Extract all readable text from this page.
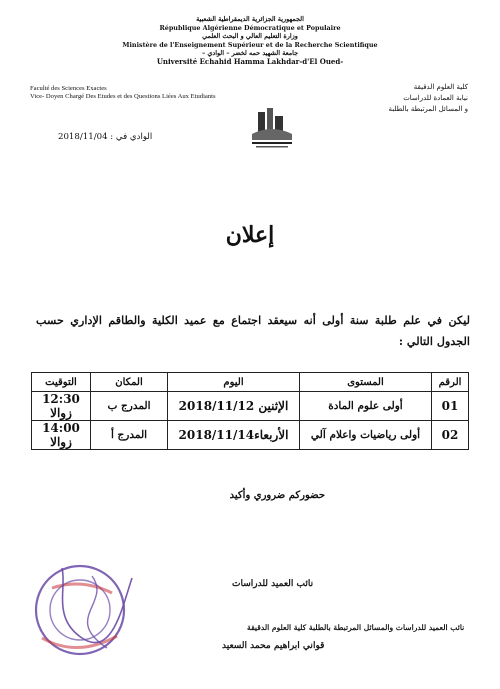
الجمهورية الجزائرية الديمقراطية الشعبية
République Algérienne Démocratique et Populaire
وزارة التعليم العالي و البحث العلمي
Ministère de l'Enseignement Supérieur et de la Recherche Scientifique
جامعة الشهيد حمه لخضر – الوادي –
Université Echahid Hamma Lakhdar-d'El Oued-
Faculté des Sciences Exactes
Vice- Doyen Chargé Des Etudes et des Questions Liées Aux Etudiants
كلية العلوم الدقيقة
نيابة العمادة للدراسات
و المسائل المرتبطة بالطلبة
الوادي في : 2018/11/04
إعلان
ليكن في علم طلبة سنة أولى أنه سيعقد اجتماع مع عميد الكلية والطاقم الإداري حسب الجدول التالي :
الرقم	المستوى	اليوم	المكان	التوقيت
01	أولى علوم المادة	الإثنين 2018/11/12	المدرج ب	12:30 زوالا
02	أولى رياضيات واعلام آلي	الأربعاء2018/11/14	المدرج أ	14:00 زوالا
حضوركم ضروري وأكيد
نائب العميد للدراسات
نائب العميد للدراسات والمسائل المرتبطة بالطلبة كلية العلوم الدقيقة
قواني ابراهيم محمد السعيد
